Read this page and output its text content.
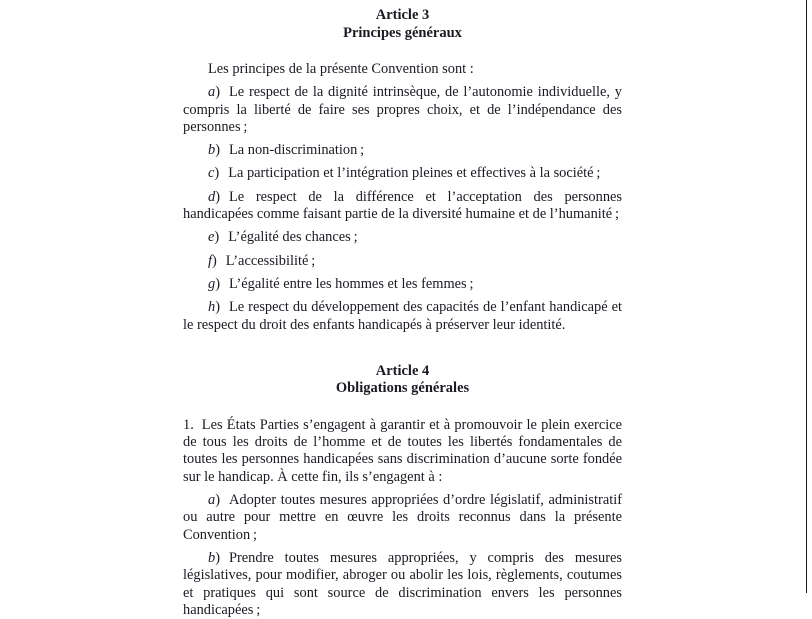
Article 3
Principes généraux

Les principes de la présente Convention sont :

a) Le respect de la dignité intrinsèque, de l’autonomie individuelle, y compris la liberté de faire ses propres choix, et de l’indépendance des personnes ;

b) La non-discrimination ;

c) La participation et l’intégration pleines et effectives à la société ;

d) Le respect de la différence et l’acceptation des personnes handicapées comme faisant partie de la diversité humaine et de l’humanité ;

e) L’égalité des chances ;

f) L’accessibilité ;

g) L’égalité entre les hommes et les femmes ;

h) Le respect du développement des capacités de l’enfant handicapé et le respect du droit des enfants handicapés à préserver leur identité.

Article 4
Obligations générales

1. Les États Parties s’engagent à garantir et à promouvoir le plein exercice de tous les droits de l’homme et de toutes les libertés fondamentales de toutes les personnes handicapées sans discrimination d’aucune sorte fondée sur le handicap. À cette fin, ils s’engagent à :

a) Adopter toutes mesures appropriées d’ordre législatif, administratif ou autre pour mettre en œuvre les droits reconnus dans la présente Convention ;

b) Prendre toutes mesures appropriées, y compris des mesures législatives, pour modifier, abroger ou abolir les lois, règlements, coutumes et pratiques qui sont source de discrimination envers les personnes handicapées ;
